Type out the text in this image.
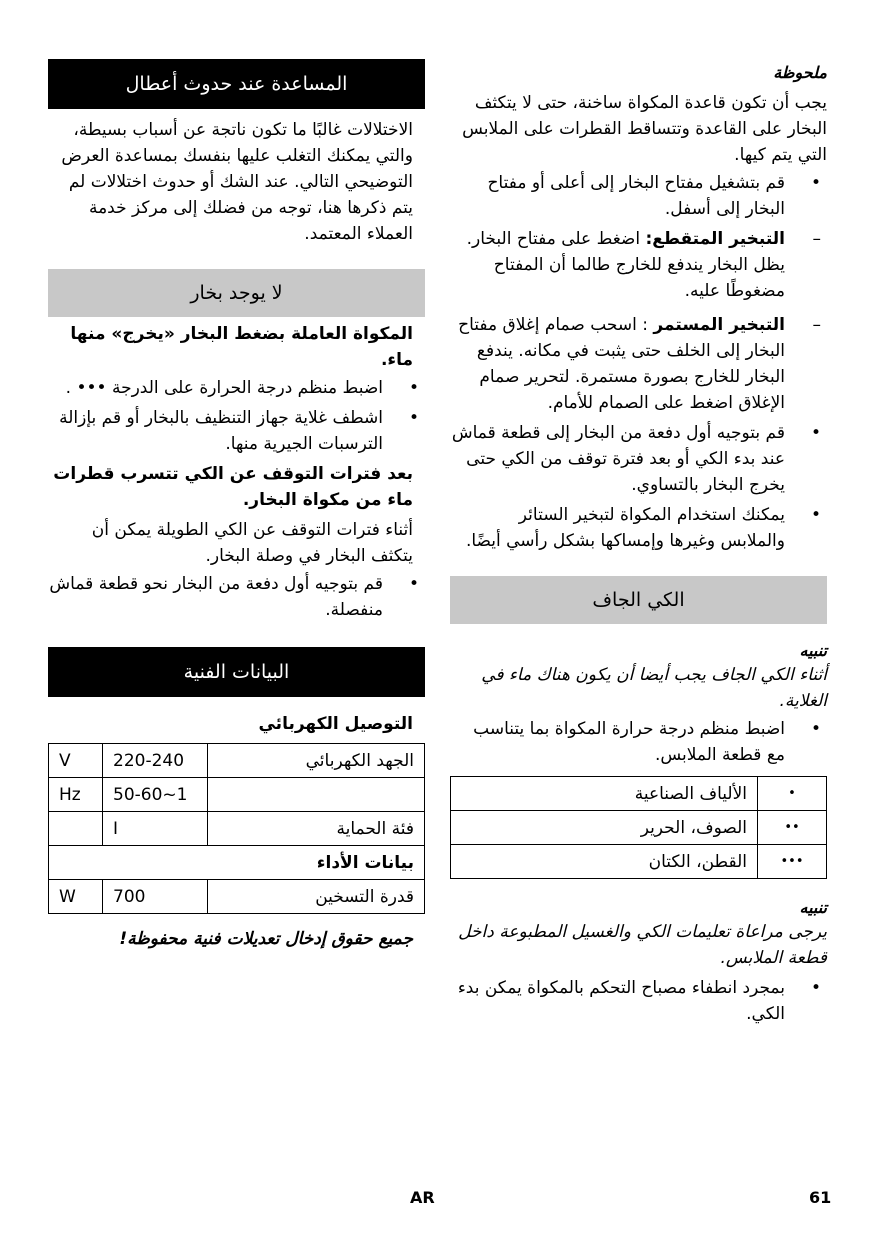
ملحوظة

يجب أن تكون قاعدة المكواة ساخنة، حتى لا يتكثف البخار على القاعدة وتتساقط القطرات على الملابس التي يتم كيها.

• قم بتشغيل مفتاح البخار إلى أعلى أو مفتاح البخار إلى أسفل.
– التبخير المتقطع: اضغط على مفتاح البخار. يظل البخار يندفع للخارج طالما أن المفتاح مضغوطًا عليه.
– التبخير المستمر : اسحب صمام إغلاق مفتاح البخار إلى الخلف حتى يثبت في مكانه. يندفع البخار للخارج بصورة مستمرة. لتحرير صمام الإغلاق اضغط على الصمام للأمام.
• قم بتوجيه أول دفعة من البخار إلى قطعة قماش عند بدء الكي أو بعد فترة توقف من الكي حتى يخرج البخار بالتساوي.
• يمكنك استخدام المكواة لتبخير الستائر والملابس وغيرها وإمساكها بشكل رأسي أيضًا.
الكي الجاف

تنبيه

أثناء الكي الجاف يجب أيضا أن يكون هناك ماء في الغلاية.

• اضبط منظم درجة حرارة المكواة بما يتناسب مع قطعة الملابس.
•	الألياف الصناعية
••	الصوف، الحرير
•••	القطن، الكتان

تنبيه

يرجى مراعاة تعليمات الكي والغسيل المطبوعة داخل قطعة الملابس.

• بمجرد انطفاء مصباح التحكم بالمكواة يمكن بدء الكي.
المساعدة عند حدوث أعطال

الاختلالات غالبًا ما تكون ناتجة عن أسباب بسيطة، والتي يمكنك التغلب عليها بنفسك بمساعدة العرض التوضيحي التالي. عند الشك أو حدوث اختلالات لم يتم ذكرها هنا، توجه من فضلك إلى مركز خدمة العملاء المعتمد.

لا يوجد بخار

المكواة العاملة بضغط البخار «يخرج» منها ماء.

• اضبط منظم درجة الحرارة على الدرجة ••• .
• اشطف غلاية جهاز التنظيف بالبخار أو قم بإزالة الترسبات الجيرية منها.

بعد فترات التوقف عن الكي تتسرب قطرات ماء من مكواة البخار.

أثناء فترات التوقف عن الكي الطويلة يمكن أن يتكثف البخار في وصلة البخار.

• قم بتوجيه أول دفعة من البخار نحو قطعة قماش منفصلة.
البيانات الفنية

التوصيل الكهربائي

الجهد الكهربائي	220-240	V
	1~50-60	Hz
فئة الحماية	I	
بيانات الأداء		
قدرة التسخين	700	W

جميع حقوق إدخال تعديلات فنية محفوظة!

AR	61
